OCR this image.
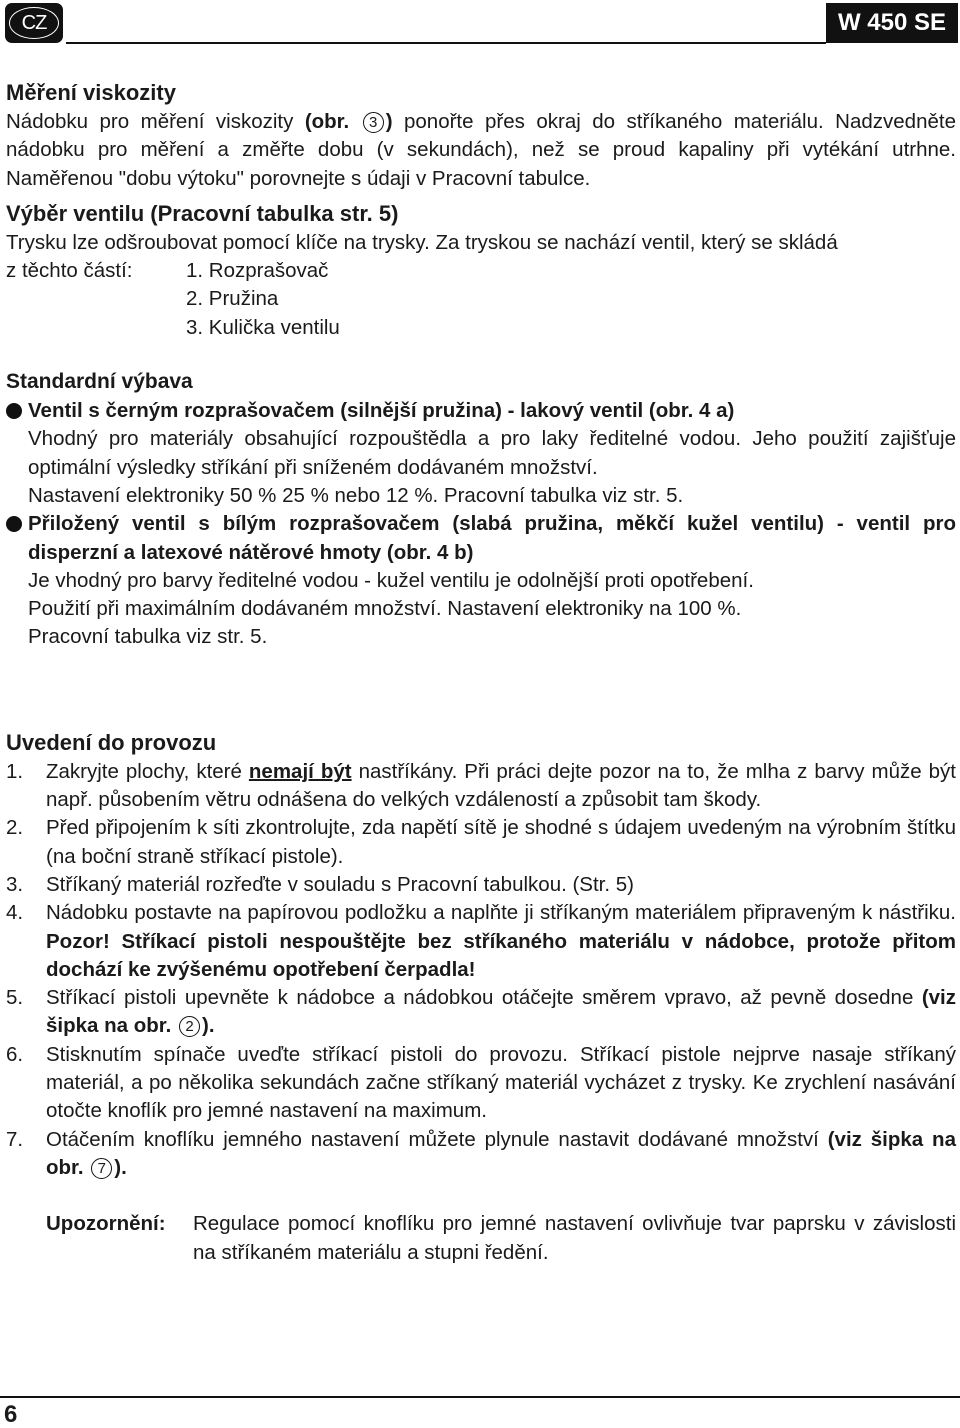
CZ	W 450 SE
Měření viskozity

Nádobku pro měření viskozity (obr. 3 ) ponořte přes okraj do stříkaného materiálu. Nadzvedněte nádobku pro měření a změřte dobu (v sekundách), než se proud kapaliny při vytékání utrhne. Naměřenou "dobu výtoku" porovnejte s údaji v Pracovní tabulce.

Výběr ventilu (Pracovní tabulka str. 5)

Trysku lze odšroubovat pomocí klíče na trysky. Za tryskou se nachází ventil, který se skládá

z těchto částí:	1. Rozprašovač
2. Pružina
3. Kulička ventilu
Standardní výbava
Ventil s černým rozprašovačem (silnější pružina) - lakový ventil (obr. 4 a)

Vhodný pro materiály obsahující rozpouštědla a pro laky ředitelné vodou. Jeho použití zajišťuje optimální výsledky stříkání při sníženém dodávaném množství.

Nastavení elektroniky 50 % 25 % nebo 12 %. Pracovní tabulka viz str. 5.

Přiložený ventil s bílým rozprašovačem (slabá pružina, měkčí kužel ventilu) - ventil pro disperzní a latexové nátěrové hmoty (obr. 4 b)

Je vhodný pro barvy ředitelné vodou - kužel ventilu je odolnější proti opotřebení.

Použití při maximálním dodávaném množství. Nastavení elektroniky na 100 %.

Pracovní tabulka viz str. 5.

Uvedení do provozu
1.	Zakryjte plochy, které nemají být nastříkány. Při práci dejte pozor na to, že mlha z barvy může být např. působením větru odnášena do velkých vzdáleností a způsobit tam škody.
2.	Před připojením k síti zkontrolujte, zda napětí sítě je shodné s údajem uvedeným na výrobním štítku (na boční straně stříkací pistole).
3.	Stříkaný materiál rozřeďte v souladu s Pracovní tabulkou. (Str. 5)
4.	Nádobku postavte na papírovou podložku a naplňte ji stříkaným materiálem připraveným k nástřiku. Pozor! Stříkací pistoli nespouštějte bez stříkaného materiálu v nádobce, protože přitom dochází ke zvýšenému opotřebení čerpadla!
5.	Stříkací pistoli upevněte k nádobce a nádobkou otáčejte směrem vpravo, až pevně dosedne (viz šipka na obr. 2 ).
6.	Stisknutím spínače uveďte stříkací pistoli do provozu. Stříkací pistole nejprve nasaje stříkaný materiál, a po několika sekundách začne stříkaný materiál vycházet z trysky. Ke zrychlení nasávání otočte knoflík pro jemné nastavení na maximum.
7.	Otáčením knoflíku jemného nastavení můžete plynule nastavit dodávané množství (viz šipka na obr. 7 ).
Upozornění:	Regulace pomocí knoflíku pro jemné nastavení ovlivňuje tvar paprsku v závislosti na stříkaném materiálu a stupni ředění.
6
